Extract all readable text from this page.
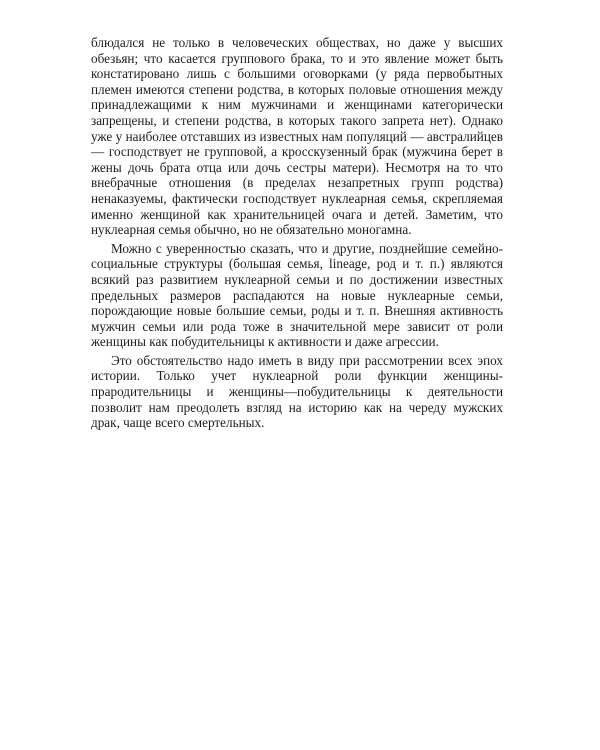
блюдался не только в человеческих обществах, но даже у высших обезьян; что касается группового брака, то и это явление может быть констатировано лишь с большими оговорками (у ряда первобытных племен имеются степени родства, в которых половые отношения между принадлежащими к ним мужчинами и женщинами категорически запрещены, и степени родства, в которых такого запрета нет). Однако уже у наиболее отставших из известных нам популяций — австралийцев — господствует не групповой, а кросскузенный брак (мужчина берет в жены дочь брата отца или дочь сестры матери). Несмотря на то что внебрачные отношения (в пределах незапретных групп родства) ненаказуемы, фактически господствует нуклеарная семья, скрепляемая именно женщиной как хранительницей очага и детей. Заметим, что нуклеарная семья обычно, но не обязательно моногамна.

Можно с уверенностью сказать, что и другие, позднейшие семейно-социальные структуры (большая семья, lineage, род и т. п.) являются всякий раз развитием нуклеарной семьи и по достижении известных предельных размеров распадаются на новые нуклеарные семьи, порождающие новые большие семьи, роды и т. п. Внешняя активность мужчин семьи или рода тоже в значительной мере зависит от роли женщины как побудительницы к активности и даже агрессии.

Это обстоятельство надо иметь в виду при рассмотрении всех эпох истории. Только учет нуклеарной роли функции женщины-прародительницы и женщины—побудительницы к деятельности позволит нам преодолеть взгляд на историю как на череду мужских драк, чаще всего смертельных.
